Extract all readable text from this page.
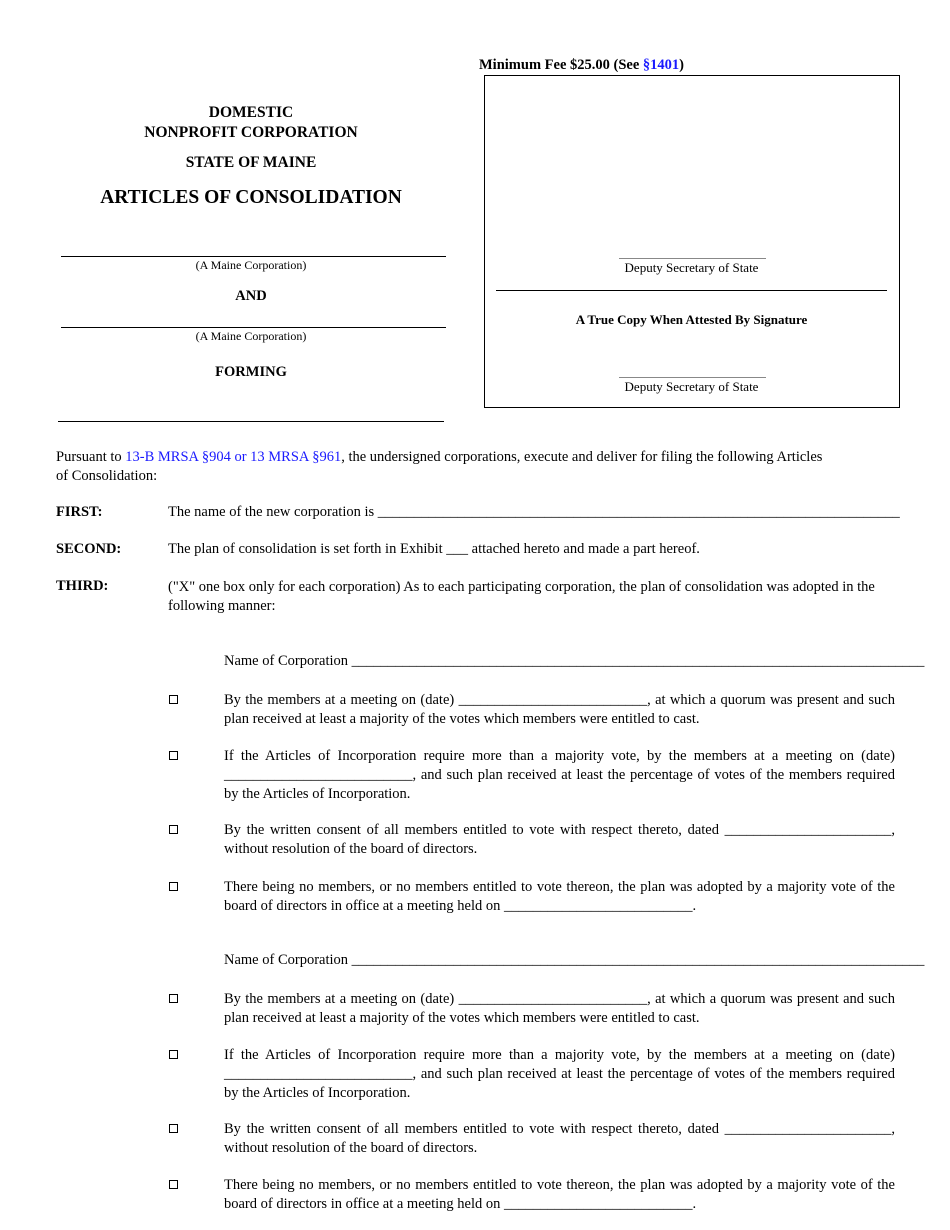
Minimum Fee $25.00 (See §1401)
DOMESTIC
NONPROFIT CORPORATION
STATE OF MAINE
ARTICLES OF CONSOLIDATION
(A Maine Corporation)
AND
(A Maine Corporation)
FORMING
Deputy Secretary of State
A True Copy When Attested By Signature
Deputy Secretary of State
Pursuant to 13-B MRSA §904 or 13 MRSA §961, the undersigned corporations, execute and deliver for filing the following Articles
of Consolidation:
FIRST:	The name of the new corporation is ________________________________________________________________________
SECOND:	The plan of consolidation is set forth in Exhibit ___ attached hereto and made a part hereof.
THIRD:	("X" one box only for each corporation) As to each participating corporation, the plan of consolidation was adopted in the following manner:
Name of Corporation _______________________________________________________________________________
By the members at a meeting on (date) __________________________, at which a quorum was present and such plan received at least a majority of the votes which members were entitled to cast.
If the Articles of Incorporation require more than a majority vote, by the members at a meeting on (date) __________________________, and such plan received at least the percentage of votes of the members required by the Articles of Incorporation.
By the written consent of all members entitled to vote with respect thereto, dated _______________________, without resolution of the board of directors.
There being no members, or no members entitled to vote thereon, the plan was adopted by a majority vote of the board of directors in office at a meeting held on __________________________.
Name of Corporation _______________________________________________________________________________
By the members at a meeting on (date) __________________________, at which a quorum was present and such plan received at least a majority of the votes which members were entitled to cast.
If the Articles of Incorporation require more than a majority vote, by the members at a meeting on (date) __________________________, and such plan received at least the percentage of votes of the members required by the Articles of Incorporation.
By the written consent of all members entitled to vote with respect thereto, dated _______________________, without resolution of the board of directors.
There being no members, or no members entitled to vote thereon, the plan was adopted by a majority vote of the board of directors in office at a meeting held on __________________________.
